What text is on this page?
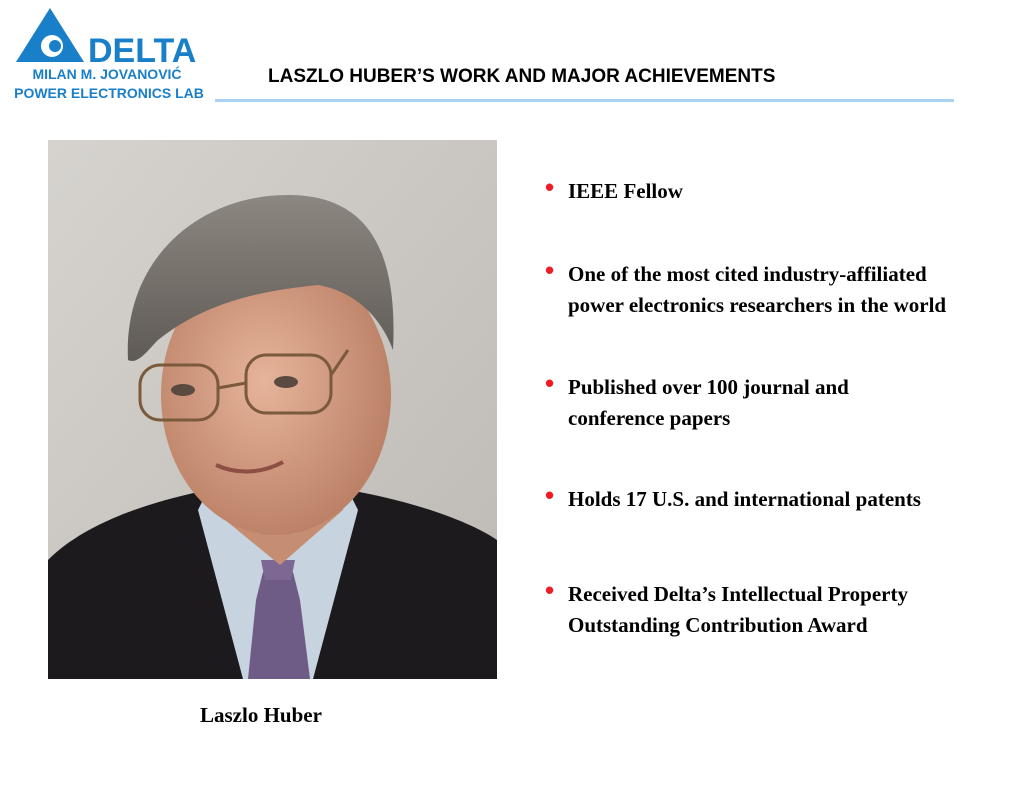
DELTA
MILAN M. JOVANOVIĆ
POWER ELECTRONICS LAB
LASZLO HUBER’S WORK AND MAJOR ACHIEVEMENTS
Laszlo Huber
• IEEE Fellow
• One of the most cited industry-affiliated
power electronics researchers in the world
• Published over 100 journal and
conference papers
• Holds 17 U.S. and international patents
• Received Delta’s Intellectual Property
Outstanding Contribution Award
